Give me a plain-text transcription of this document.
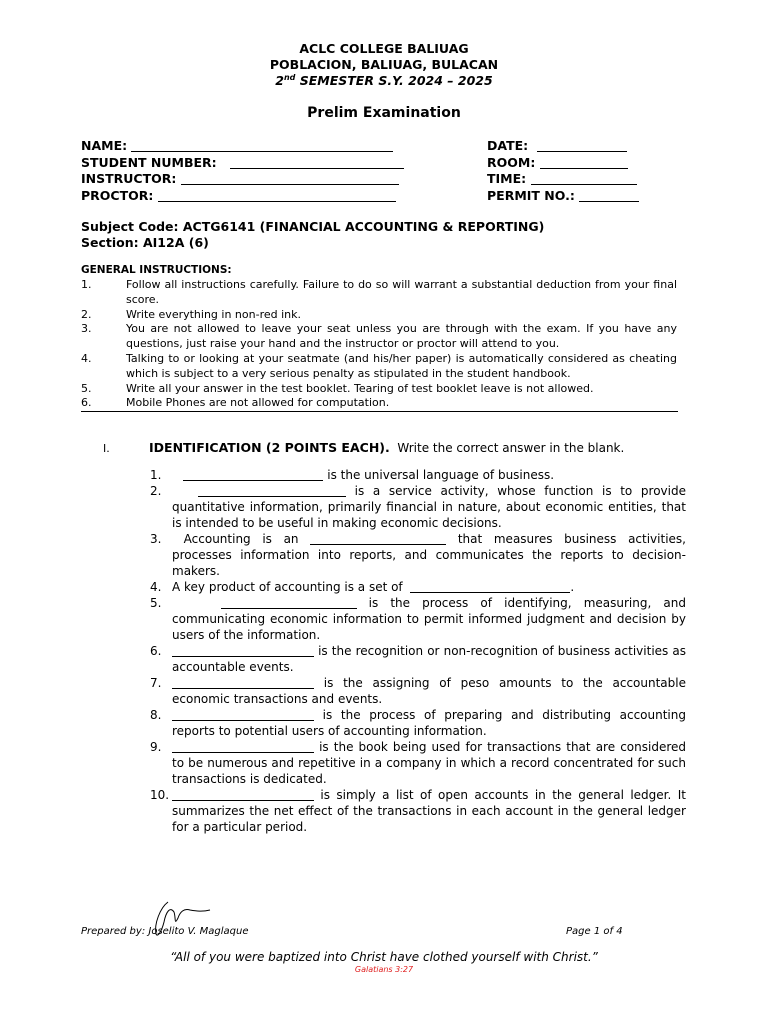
ACLC COLLEGE BALIUAG
POBLACION, BALIUAG, BULACAN
2nd SEMESTER S.Y. 2024 – 2025
Prelim Examination
NAME:	DATE:
STUDENT NUMBER:	ROOM:
INSTRUCTOR:	TIME:
PROCTOR:	PERMIT NO.:
Subject Code: ACTG6141 (FINANCIAL ACCOUNTING & REPORTING)
Section: AI12A (6)
GENERAL INSTRUCTIONS:
1.	Follow all instructions carefully. Failure to do so will warrant a substantial deduction from your final score.
2.	Write everything in non-red ink.
3.	You are not allowed to leave your seat unless you are through with the exam. If you have any questions, just raise your hand and the instructor or proctor will attend to you.
4.	Talking to or looking at your seatmate (and his/her paper) is automatically considered as cheating which is subject to a very serious penalty as stipulated in the student handbook.
5.	Write all your answer in the test booklet. Tearing of test booklet leave is not allowed.
6.	Mobile Phones are not allowed for computation.
I.	IDENTIFICATION (2 POINTS EACH). Write the correct answer in the blank.
1.	is the universal language of business.
2.	is a service activity, whose function is to provide quantitative information, primarily financial in nature, about economic entities, that is intended to be useful in making economic decisions.
3. Accounting is an	that measures business activities, processes information into reports, and communicates the reports to decision-makers.
4. A key product of accounting is a set of	.
5.	is the process of identifying, measuring, and communicating economic information to permit informed judgment and decision by users of the information.
6.	is the recognition or non-recognition of business activities as accountable events.
7.	is the assigning of peso amounts to the accountable economic transactions and events.
8.	is the process of preparing and distributing accounting reports to potential users of accounting information.
9.	is the book being used for transactions that are considered to be numerous and repetitive in a company in which a record concentrated for such transactions is dedicated.
10.	is simply a list of open accounts in the general ledger. It summarizes the net effect of the transactions in each account in the general ledger for a particular period.
Prepared by: Joselito V. Maglaque	Page 1 of 4
“All of you were baptized into Christ have clothed yourself with Christ.”
Galatians 3:27
